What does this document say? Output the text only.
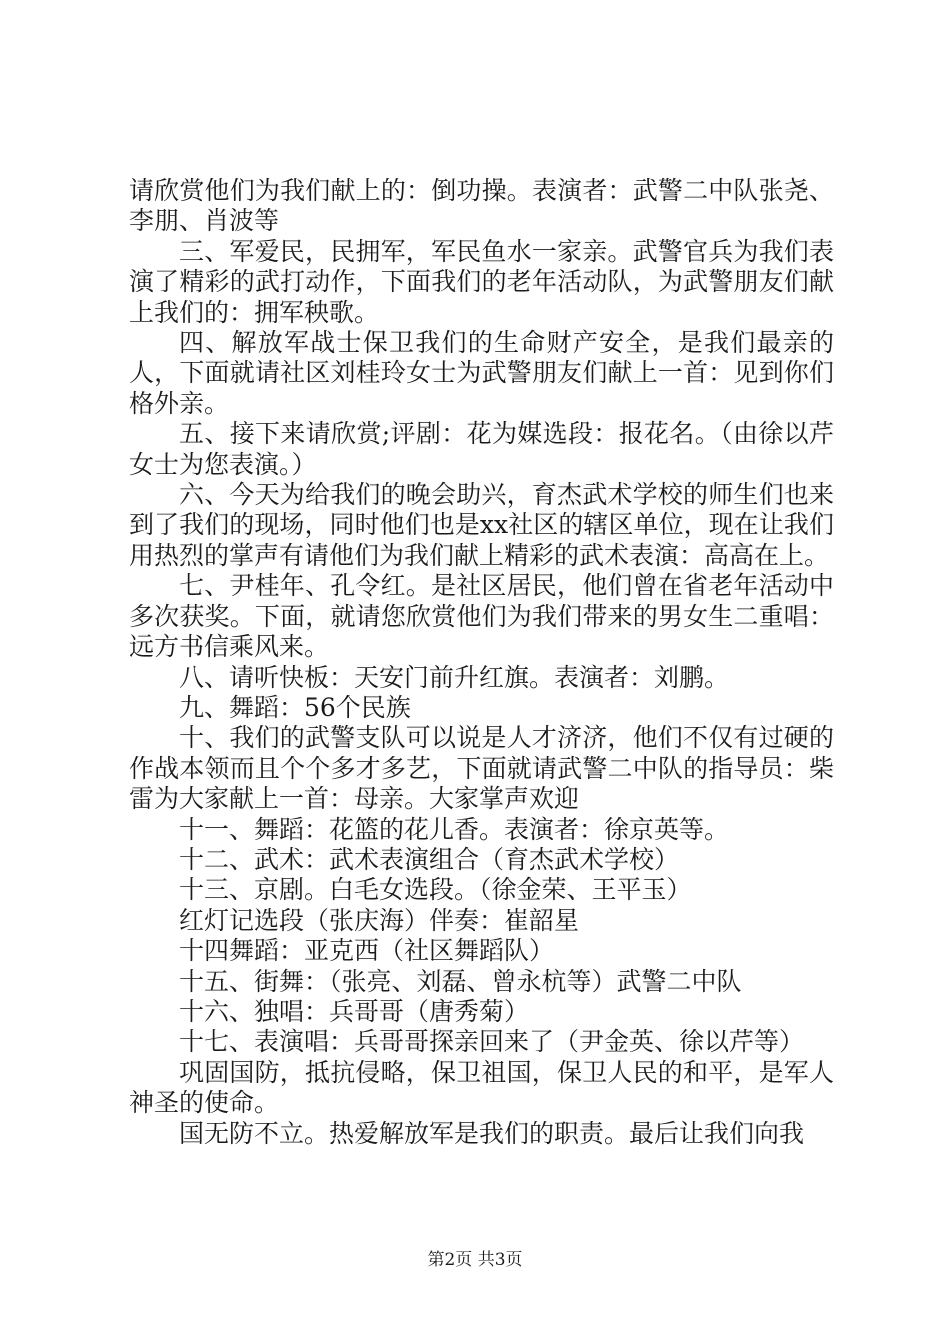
请欣赏他们为我们献上的：倒功操。表演者：武警二中队张尧、李朋、肖波等

三、军爱民，民拥军，军民鱼水一家亲。武警官兵为我们表演了精彩的武打动作，下面我们的老年活动队，为武警朋友们献上我们的：拥军秧歌。

四、解放军战士保卫我们的生命财产安全，是我们最亲的人，下面就请社区刘桂玲女士为武警朋友们献上一首：见到你们格外亲。

五、接下来请欣赏;评剧：花为媒选段：报花名。（由徐以芹女士为您表演。）

六、今天为给我们的晚会助兴，育杰武术学校的师生们也来到了我们的现场，同时他们也是xx社区的辖区单位，现在让我们用热烈的掌声有请他们为我们献上精彩的武术表演：高高在上。

七、尹桂年、孔令红。是社区居民，他们曾在省老年活动中多次获奖。下面，就请您欣赏他们为我们带来的男女生二重唱：远方书信乘风来。

八、请听快板：天安门前升红旗。表演者：刘鹏。

九、舞蹈：56个民族

十、我们的武警支队可以说是人才济济，他们不仅有过硬的作战本领而且个个多才多艺，下面就请武警二中队的指导员：柴雷为大家献上一首：母亲。大家掌声欢迎

十一、舞蹈：花篮的花儿香。表演者：徐京英等。

十二、武术：武术表演组合（育杰武术学校）

十三、京剧。白毛女选段。（徐金荣、王平玉）

红灯记选段（张庆海）伴奏：崔韶星

十四舞蹈：亚克西（社区舞蹈队）

十五、街舞：（张亮、刘磊、曾永杭等）武警二中队

十六、独唱：兵哥哥（唐秀菊）

十七、表演唱：兵哥哥探亲回来了（尹金英、徐以芹等）

巩固国防，抵抗侵略，保卫祖国，保卫人民的和平，是军人神圣的使命。

国无防不立。热爱解放军是我们的职责。最后让我们向我

第2页 共3页
